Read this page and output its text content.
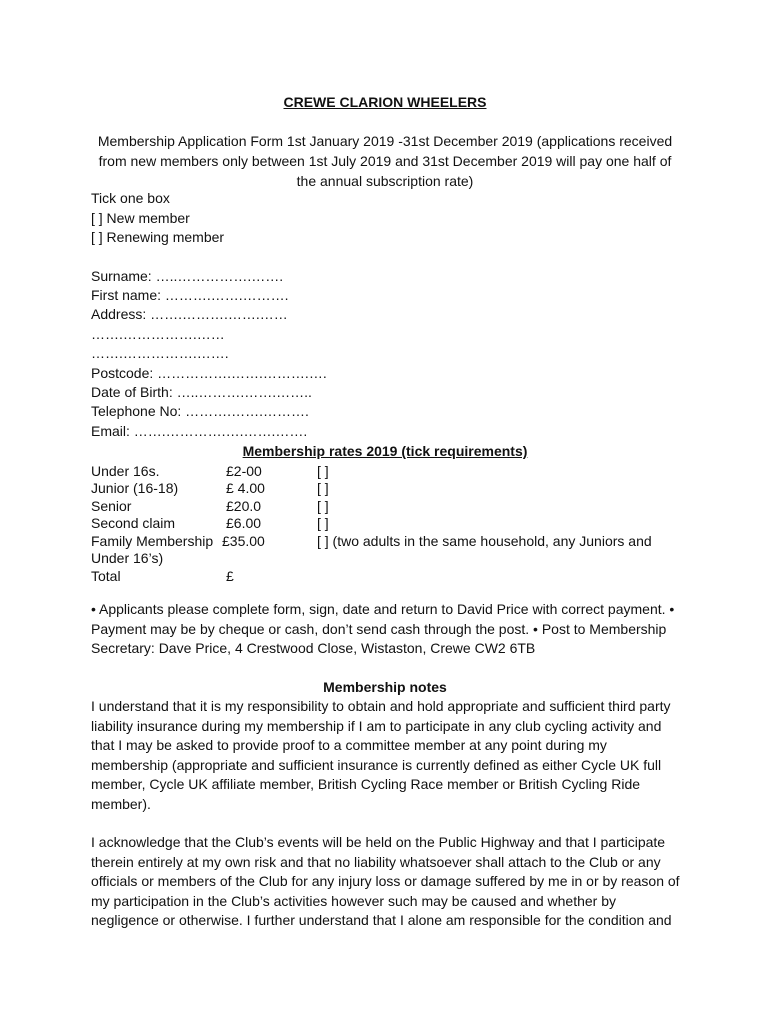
CREWE CLARION WHEELERS
Membership Application Form 1st January 2019 -31st December 2019 (applications received
from new members only between 1st July 2019 and 31st December 2019 will pay one half of
the annual subscription rate)
Tick one box
[ ] New member
[ ] Renewing member
Surname: …..…………….…….
First name: ……….…….……….
Address: …….……….…….……
…….…………….……
…….…………….…….
Postcode: …………….…….……….….
Date of Birth: …..……….…….……..
Telephone No: ……….…….……….
Email: …….………….….…….…….
Membership rates 2019 (tick requirements)
Under 16s.	£2-00	[ ]
Junior (16-18)	£ 4.00	[ ]
Senior	£20.0	[ ]
Second claim	£6.00	[ ]
Family Membership £35.00	[ ] (two adults in the same household, any Juniors and
Under 16’s)
Total	£
• Applicants please complete form, sign, date and return to David Price with correct payment. •
Payment may be by cheque or cash, don’t send cash through the post. • Post to Membership
Secretary: Dave Price, 4 Crestwood Close, Wistaston, Crewe CW2 6TB
Membership notes
I understand that it is my responsibility to obtain and hold appropriate and sufficient third party
liability insurance during my membership if I am to participate in any club cycling activity and
that I may be asked to provide proof to a committee member at any point during my
membership (appropriate and sufficient insurance is currently defined as either Cycle UK full
member, Cycle UK affiliate member, British Cycling Race member or British Cycling Ride
member).
I acknowledge that the Club’s events will be held on the Public Highway and that I participate
therein entirely at my own risk and that no liability whatsoever shall attach to the Club or any
officials or members of the Club for any injury loss or damage suffered by me in or by reason of
my participation in the Club’s activities however such may be caused and whether by
negligence or otherwise. I further understand that I alone am responsible for the condition and
